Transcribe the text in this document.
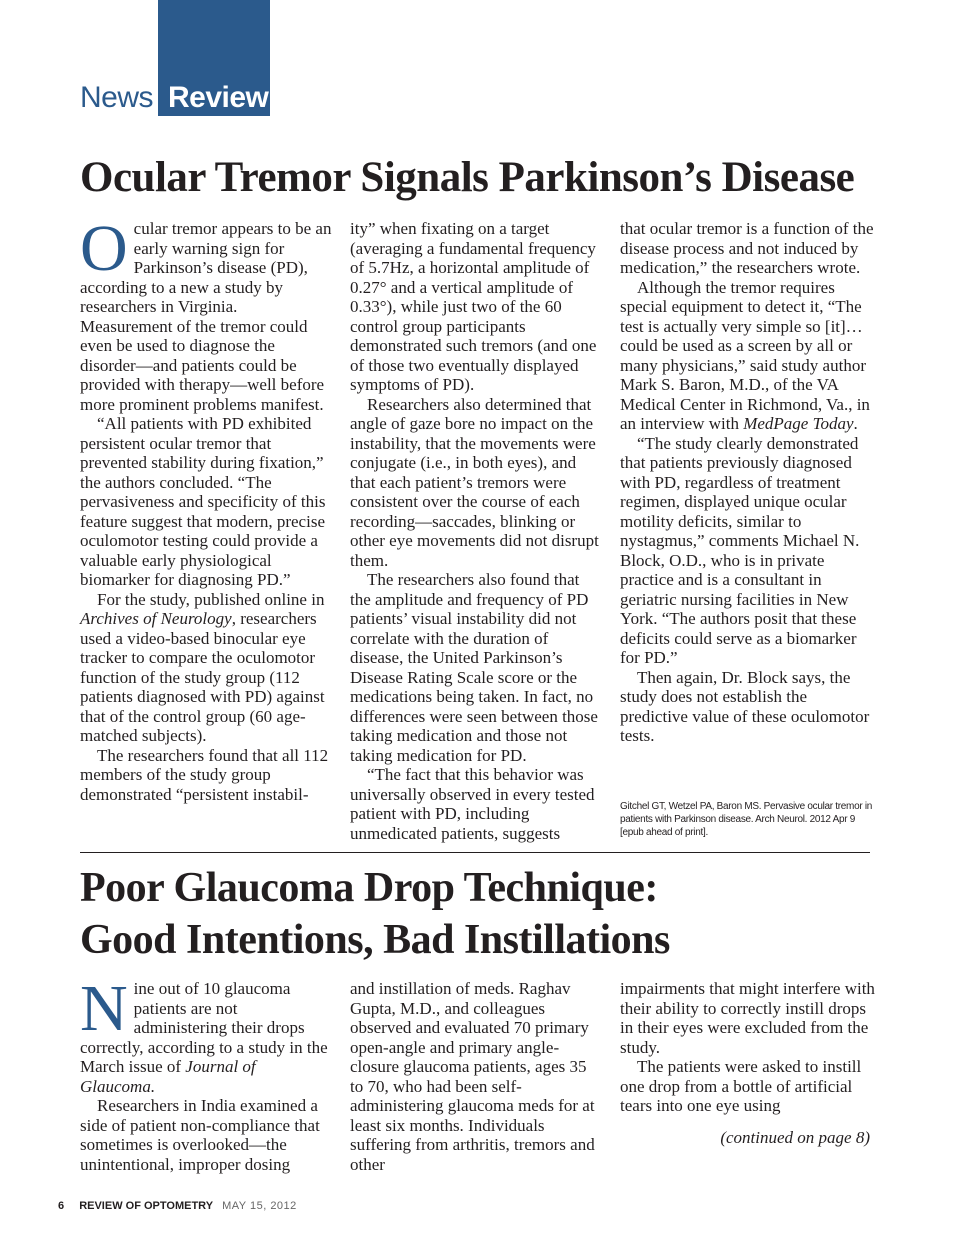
News Review
Ocular Tremor Signals Parkinson’s Disease

Ocular tremor appears to be an early warning sign for Parkinson’s disease (PD), according to a new a study by researchers in Virginia. Measurement of the tremor could even be used to diagnose the disorder—and patients could be provided with therapy—well before more prominent problems manifest.

“All patients with PD exhibited persistent ocular tremor that prevented stability during fixation,” the authors concluded. “The pervasiveness and specificity of this feature suggest that modern, precise oculomotor testing could provide a valuable early physiological biomarker for diagnosing PD.”

For the study, published online in Archives of Neurology, researchers used a video-based binocular eye tracker to compare the oculomotor function of the study group (112 patients diagnosed with PD) against that of the control group (60 age-matched subjects).

The researchers found that all 112 members of the study group demonstrated “persistent instabil-

ity” when fixating on a target (averaging a fundamental frequency of 5.7Hz, a horizontal amplitude of 0.27° and a vertical amplitude of 0.33°), while just two of the 60 control group participants demonstrated such tremors (and one of those two eventually displayed symptoms of PD).

Researchers also determined that angle of gaze bore no impact on the instability, that the movements were conjugate (i.e., in both eyes), and that each patient’s tremors were consistent over the course of each recording—saccades, blinking or other eye movements did not disrupt them.

The researchers also found that the amplitude and frequency of PD patients’ visual instability did not correlate with the duration of disease, the United Parkinson’s Disease Rating Scale score or the medications being taken. In fact, no differences were seen between those taking medication and those not taking medication for PD.

“The fact that this behavior was universally observed in every tested patient with PD, including unmedicated patients, suggests

that ocular tremor is a function of the disease process and not induced by medication,” the researchers wrote.

Although the tremor requires special equipment to detect it, “The test is actually very simple so [it]…could be used as a screen by all or many physicians,” said study author Mark S. Baron, M.D., of the VA Medical Center in Richmond, Va., in an interview with MedPage Today.

“The study clearly demonstrated that patients previously diagnosed with PD, regardless of treatment regimen, displayed unique ocular motility deficits, similar to nystagmus,” comments Michael N. Block, O.D., who is in private practice and is a consultant in geriatric nursing facilities in New York. “The authors posit that these deficits could serve as a biomarker for PD.”

Then again, Dr. Block says, the study does not establish the predictive value of these oculomotor tests.

Gitchel GT, Wetzel PA, Baron MS. Pervasive ocular tremor in patients with Parkinson disease. Arch Neurol. 2012 Apr 9 [epub ahead of print].
Poor Glaucoma Drop Technique:
Good Intentions, Bad Instillations

Nine out of 10 glaucoma patients are not administering their drops correctly, according to a study in the March issue of Journal of Glaucoma.

Researchers in India examined a side of patient non-compliance that sometimes is overlooked—the unintentional, improper dosing

and instillation of meds. Raghav Gupta, M.D., and colleagues observed and evaluated 70 primary open-angle and primary angle-closure glaucoma patients, ages 35 to 70, who had been self-administering glaucoma meds for at least six months. Individuals suffering from arthritis, tremors and other

impairments that might interfere with their ability to correctly instill drops in their eyes were excluded from the study.

The patients were asked to instill one drop from a bottle of artificial tears into one eye using

(continued on page 8)
6 REVIEW OF OPTOMETRY MAY 15, 2012
